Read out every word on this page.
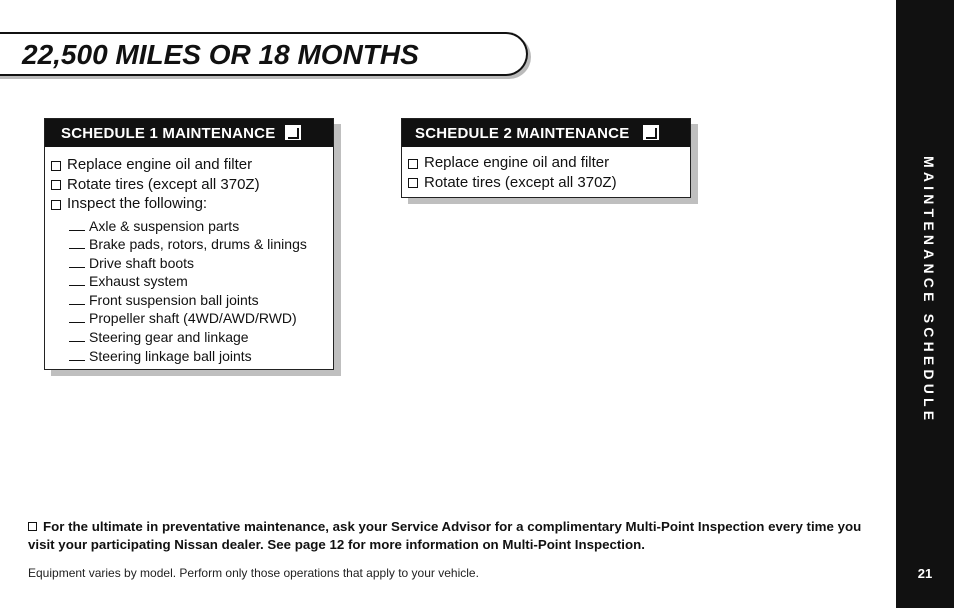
22,500 MILES OR 18 MONTHS
SCHEDULE 1 MAINTENANCE
Replace engine oil and filter
Rotate tires (except all 370Z)
Inspect the following:
Axle & suspension parts
Brake pads, rotors, drums & linings
Drive shaft boots
Exhaust system
Front suspension ball joints
Propeller shaft (4WD/AWD/RWD)
Steering gear and linkage
Steering linkage ball joints
SCHEDULE 2 MAINTENANCE
Replace engine oil and filter
Rotate tires (except all 370Z)
For the ultimate in preventative maintenance, ask your Service Advisor for a complimentary Multi-Point Inspection every time you visit your participating Nissan dealer. See page 12 for more information on Multi-Point Inspection.
Equipment varies by model. Perform only those operations that apply to your vehicle.
MAINTENANCE SCHEDULE
21
